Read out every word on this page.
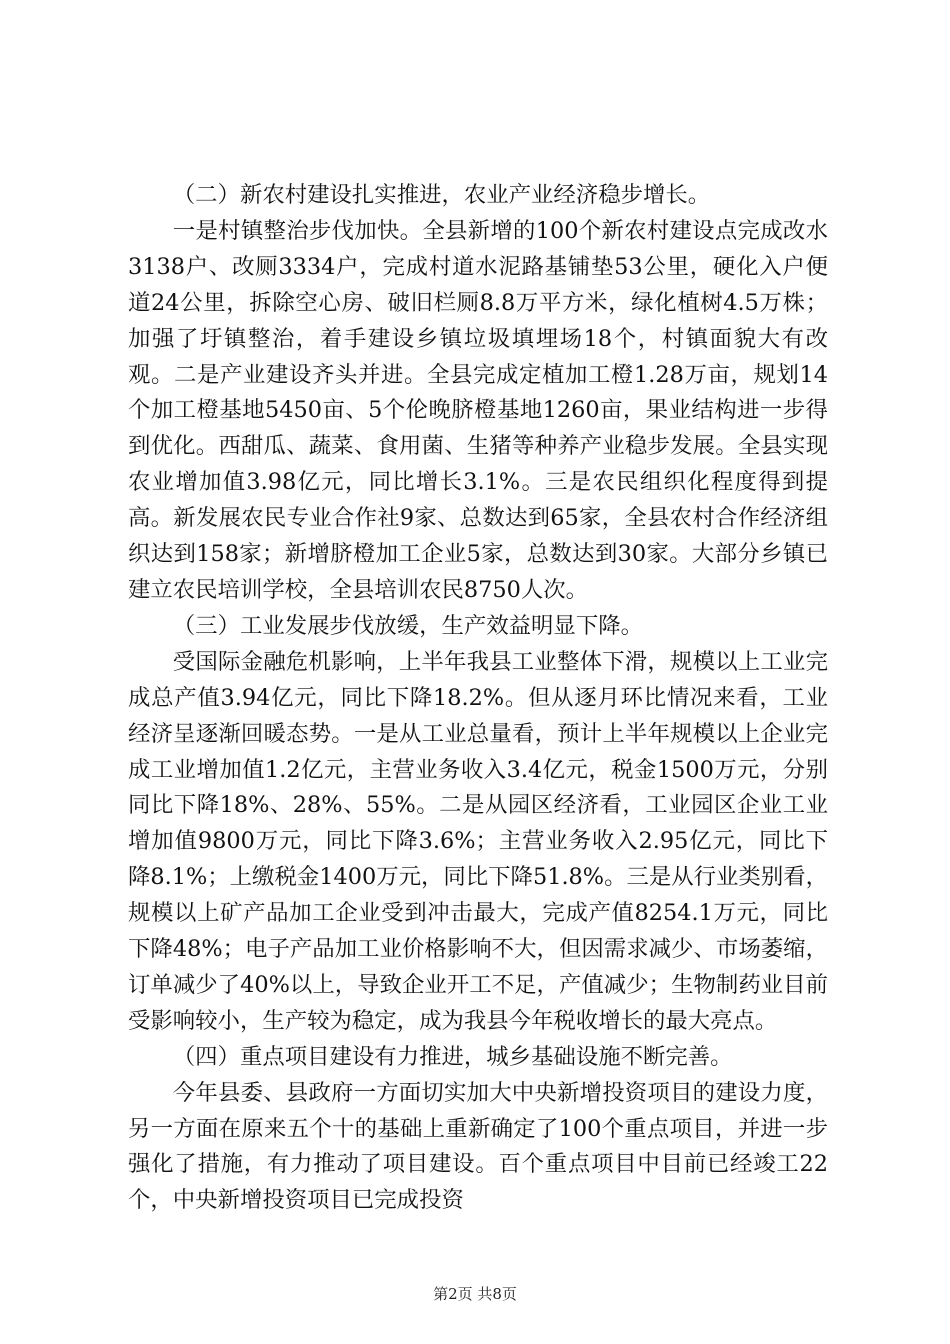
（二）新农村建设扎实推进，农业产业经济稳步增长。

一是村镇整治步伐加快。全县新增的100个新农村建设点完成改水3138户、改厕3334户，完成村道水泥路基铺垫53公里，硬化入户便道24公里，拆除空心房、破旧栏厕8.8万平方米，绿化植树4.5万株；加强了圩镇整治，着手建设乡镇垃圾填埋场18个，村镇面貌大有改观。二是产业建设齐头并进。全县完成定植加工橙1.28万亩，规划14个加工橙基地5450亩、5个伦晚脐橙基地1260亩，果业结构进一步得到优化。西甜瓜、蔬菜、食用菌、生猪等种养产业稳步发展。全县实现农业增加值3.98亿元，同比增长3.1%。三是农民组织化程度得到提高。新发展农民专业合作社9家、总数达到65家，全县农村合作经济组织达到158家；新增脐橙加工企业5家，总数达到30家。大部分乡镇已建立农民培训学校，全县培训农民8750人次。

（三）工业发展步伐放缓，生产效益明显下降。

受国际金融危机影响，上半年我县工业整体下滑，规模以上工业完成总产值3.94亿元，同比下降18.2%。但从逐月环比情况来看，工业经济呈逐渐回暖态势。一是从工业总量看，预计上半年规模以上企业完成工业增加值1.2亿元，主营业务收入3.4亿元，税金1500万元，分别同比下降18%、28%、55%。二是从园区经济看，工业园区企业工业增加值9800万元，同比下降3.6%；主营业务收入2.95亿元，同比下降8.1%；上缴税金1400万元，同比下降51.8%。三是从行业类别看，规模以上矿产品加工企业受到冲击最大，完成产值8254.1万元，同比下降48%；电子产品加工业价格影响不大，但因需求减少、市场萎缩，订单减少了40%以上，导致企业开工不足，产值减少；生物制药业目前受影响较小，生产较为稳定，成为我县今年税收增长的最大亮点。

（四）重点项目建设有力推进，城乡基础设施不断完善。

今年县委、县政府一方面切实加大中央新增投资项目的建设力度，另一方面在原来五个十的基础上重新确定了100个重点项目，并进一步强化了措施，有力推动了项目建设。百个重点项目中目前已经竣工22个，中央新增投资项目已完成投资

第2页 共8页
